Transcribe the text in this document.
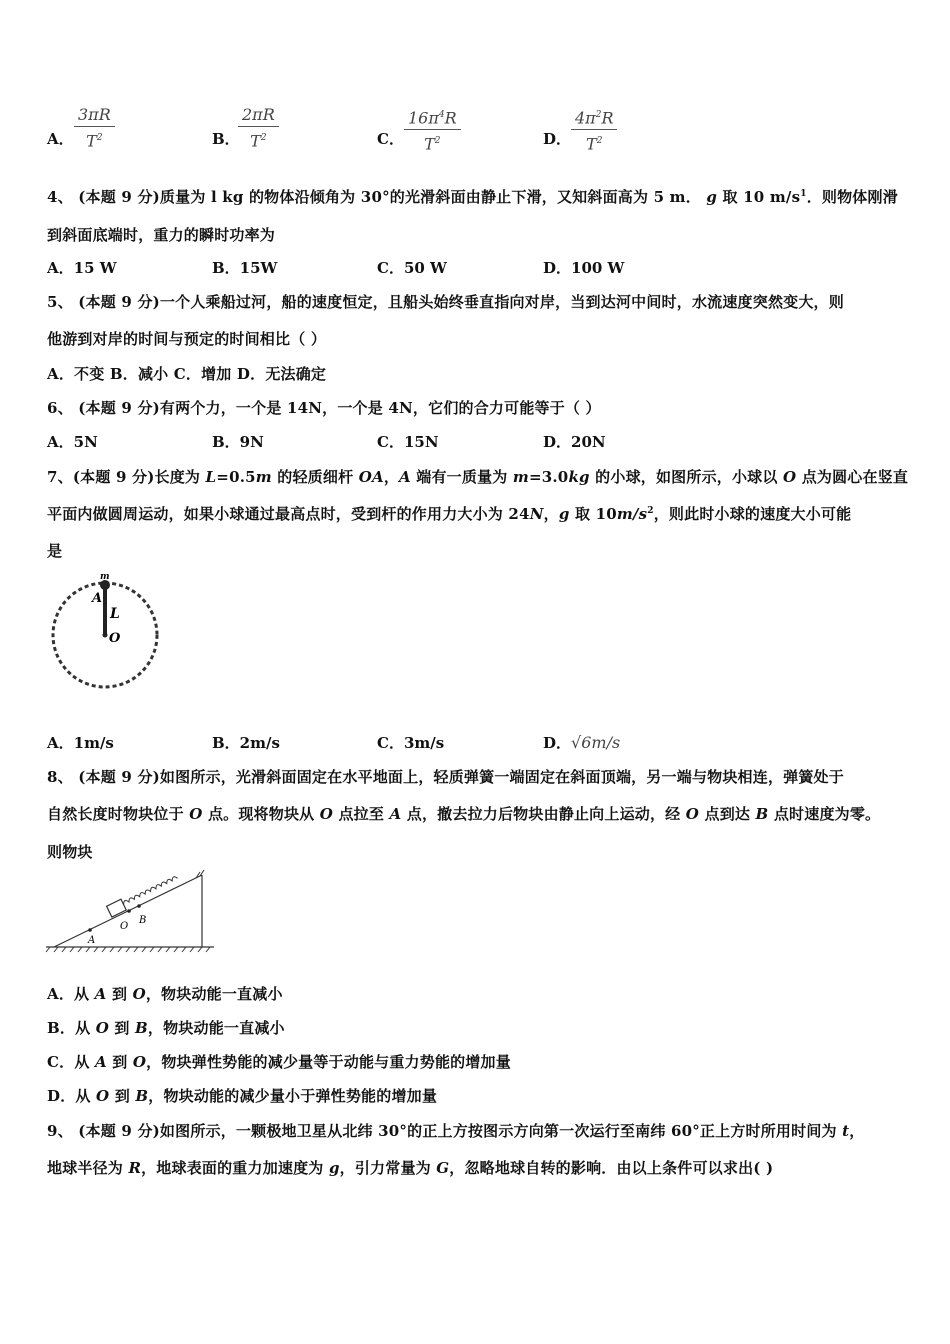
A． $\frac{3\pi R}{T^2}$	B．
$\frac{2\pi R}{T^2}$	C． $\frac{16\pi^4R}{T^2}$	D． $\frac{4\pi^2R}{T^2}$
4、 (本题 9 分)质量为 l kg 的物体沿倾角为 30°的光滑斜面由静止下滑，又知斜面高为 5 m． g 取 10 $m/s^1$．则物体刚滑
到斜面底端时，重力的瞬时功率为
A．15 W	B．15W	C．50 W	D．100 W
5、 (本题 9 分)一个人乘船过河，船的速度恒定，且船头始终垂直指向对岸，当到达河中间时，水流速度突然变大，则
他游到对岸的时间与预定的时间相比（ ）
A．不变 B．减小 C．增加 D．无法确定
6、 (本题 9 分)有两个力，一个是 14N，一个是 4N，它们的合力可能等于（ ）
A．5N	B．9N	C．15N	D．20N
7、(本题 9 分)长度为 L=0.5m 的轻质细杆 OA，A 端有一质量为 m=3.0kg 的小球，如图所示，小球以 O 点为圆心在竖直
平面内做圆周运动，如果小球通过最高点时，受到杆的作用力大小为 24N，g 取 $10m/s^2$，则此时小球的速度大小可能
是
m
A
L
O
A．1m/s	B．2m/s	C．3m/s	D．√6m/s
8、 (本题 9 分)如图所示，光滑斜面固定在水平地面上，轻质弹簧一端固定在斜面顶端，另一端与物块相连，弹簧处于
自然长度时物块位于 O 点。现将物块从 O 点拉至 A 点，撤去拉力后物块由静止向上运动，经 O 点到达 B 点时速度为零。
则物块
A
O
B
A．从 A 到 O，物块动能一直减小
B．从 O 到 B，物块动能一直减小
C．从 A 到 O，物块弹性势能的减少量等于动能与重力势能的增加量
D．从 O 到 B，物块动能的减少量小于弹性势能的增加量
9、 (本题 9 分)如图所示，一颗极地卫星从北纬 30°的正上方按图示方向第一次运行至南纬 60°正上方时所用时间为 t，
地球半径为 R，地球表面的重力加速度为 g，引力常量为 G，忽略地球自转的影响．由以上条件可以求出( )
